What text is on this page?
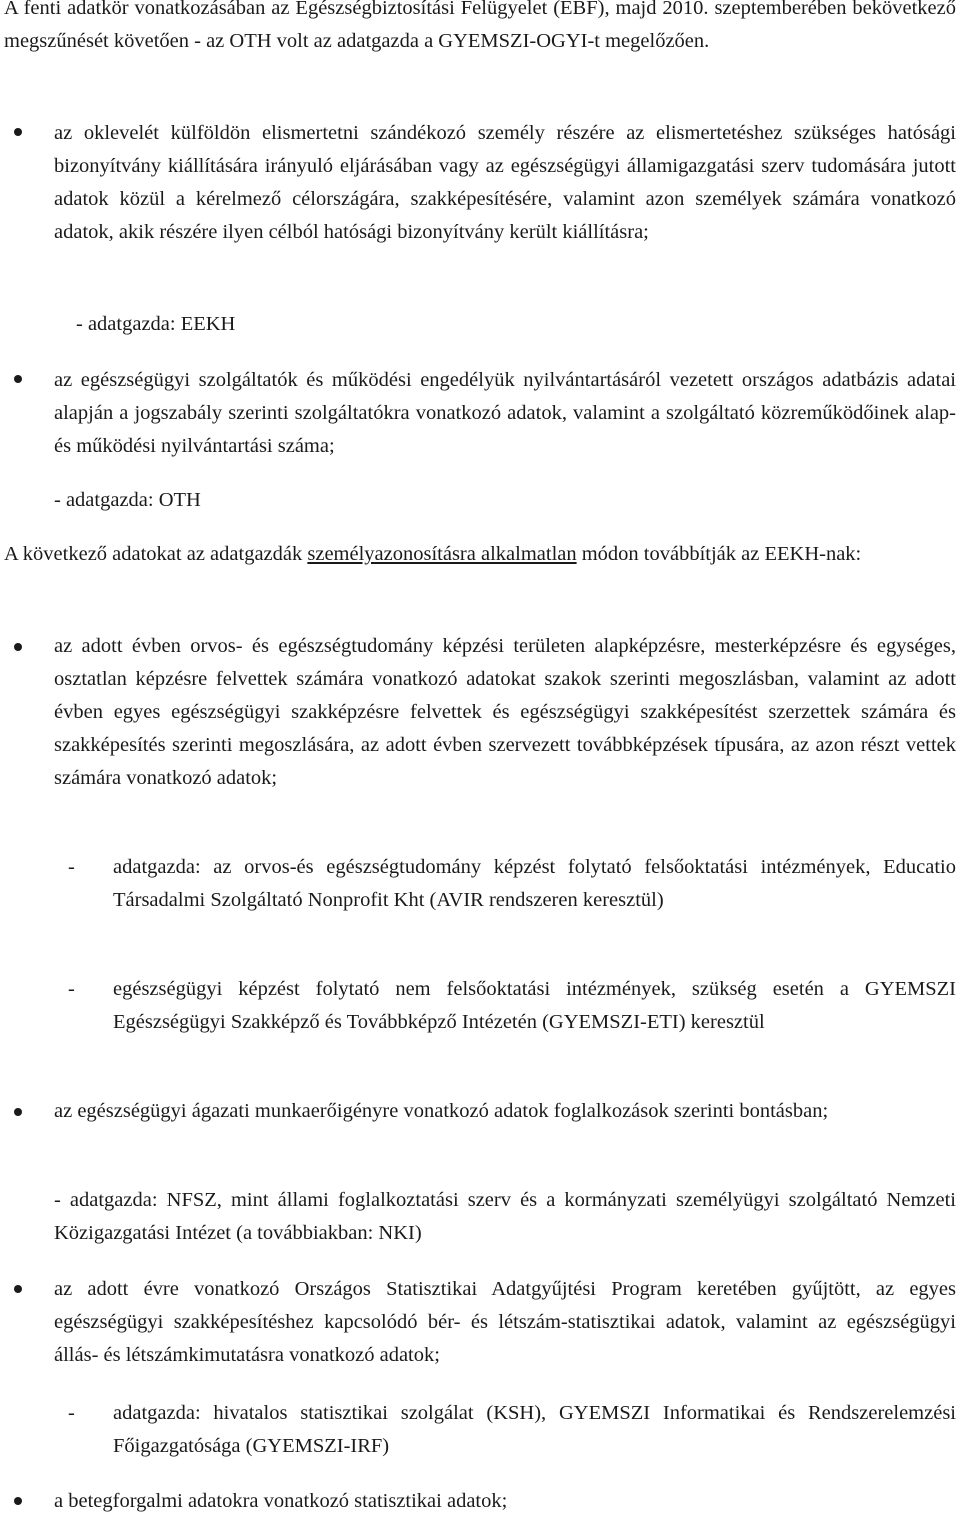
A fenti adatkör vonatkozásában az Egészségbiztosítási Felügyelet (EBF), majd 2010. szeptemberében bekövetkező megszűnését követően - az OTH volt az adatgazda a GYEMSZI-OGYI-t megelőzően.

az oklevelét külföldön elismertetni szándékozó személy részére az elismertetéshez szükséges hatósági bizonyítvány kiállítására irányuló eljárásában vagy az egészségügyi államigazgatási szerv tudomására jutott adatok közül a kérelmező célországára, szakképesítésére, valamint azon személyek számára vonatkozó adatok, akik részére ilyen célból hatósági bizonyítvány került kiállításra;

- adatgazda: EEKH

az egészségügyi szolgáltatók és működési engedélyük nyilvántartásáról vezetett országos adatbázis adatai alapján a jogszabály szerinti szolgáltatókra vonatkozó adatok, valamint a szolgáltató közreműködőinek alap- és működési nyilvántartási száma;

- adatgazda: OTH

A következő adatokat az adatgazdák személyazonosításra alkalmatlan módon továbbítják az EEKH-nak:

az adott évben orvos- és egészségtudomány képzési területen alapképzésre, mesterképzésre és egységes, osztatlan képzésre felvettek számára vonatkozó adatokat szakok szerinti megoszlásban, valamint az adott évben egyes egészségügyi szakképzésre felvettek és egészségügyi szakképesítést szerzettek számára és szakképesítés szerinti megoszlására, az adott évben szervezett továbbképzések típusára, az azon részt vettek számára vonatkozó adatok;

- adatgazda: az orvos-és egészségtudomány képzést folytató felsőoktatási intézmények, Educatio Társadalmi Szolgáltató Nonprofit Kht (AVIR rendszeren keresztül)

- egészségügyi képzést folytató nem felsőoktatási intézmények, szükség esetén a GYEMSZI Egészségügyi Szakképző és Továbbképző Intézetén (GYEMSZI-ETI) keresztül

az egészségügyi ágazati munkaerőigényre vonatkozó adatok foglalkozások szerinti bontásban;

- adatgazda: NFSZ, mint állami foglalkoztatási szerv és a kormányzati személyügyi szolgáltató Nemzeti Közigazgatási Intézet (a továbbiakban: NKI)

az adott évre vonatkozó Országos Statisztikai Adatgyűjtési Program keretében gyűjtött, az egyes egészségügyi szakképesítéshez kapcsolódó bér- és létszám-statisztikai adatok, valamint az egészségügyi állás- és létszámkimutatásra vonatkozó adatok;

- adatgazda: hivatalos statisztikai szolgálat (KSH), GYEMSZI Informatikai és Rendszerelemzési Főigazgatósága (GYEMSZI-IRF)

a betegforgalmi adatokra vonatkozó statisztikai adatok;
